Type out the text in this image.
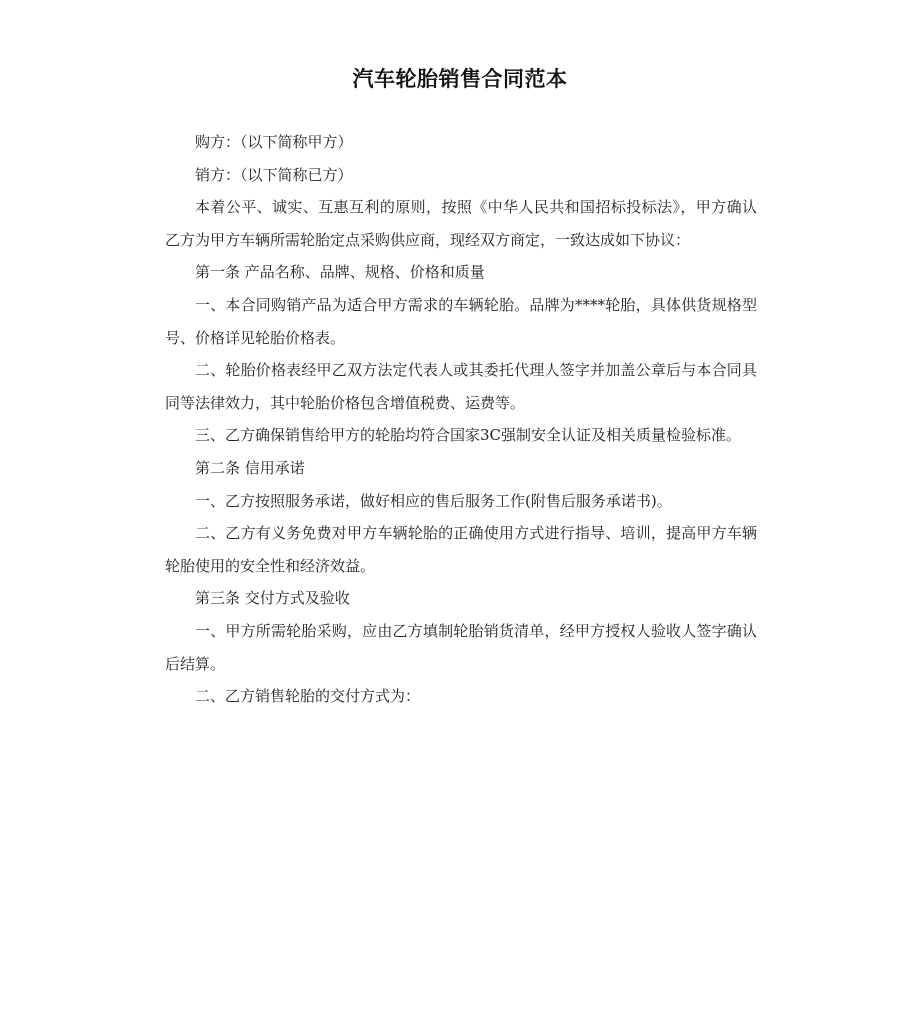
汽车轮胎销售合同范本

购方：（以下简称甲方）

销方：（以下简称已方）

本着公平、诚实、互惠互利的原则，按照《中华人民共和国招标投标法》，甲方确认乙方为甲方车辆所需轮胎定点采购供应商，现经双方商定，一致达成如下协议：

第一条 产品名称、品牌、规格、价格和质量

一、本合同购销产品为适合甲方需求的车辆轮胎。品牌为****轮胎，具体供货规格型号、价格详见轮胎价格表。

二、轮胎价格表经甲乙双方法定代表人或其委托代理人签字并加盖公章后与本合同具同等法律效力，其中轮胎价格包含增值税费、运费等。

三、乙方确保销售给甲方的轮胎均符合国家3C强制安全认证及相关质量检验标准。

第二条 信用承诺

一、乙方按照服务承诺，做好相应的售后服务工作(附售后服务承诺书)。

二、乙方有义务免费对甲方车辆轮胎的正确使用方式进行指导、培训，提高甲方车辆轮胎使用的安全性和经济效益。

第三条 交付方式及验收

一、甲方所需轮胎采购，应由乙方填制轮胎销货清单，经甲方授权人验收人签字确认后结算。

二、乙方销售轮胎的交付方式为：
